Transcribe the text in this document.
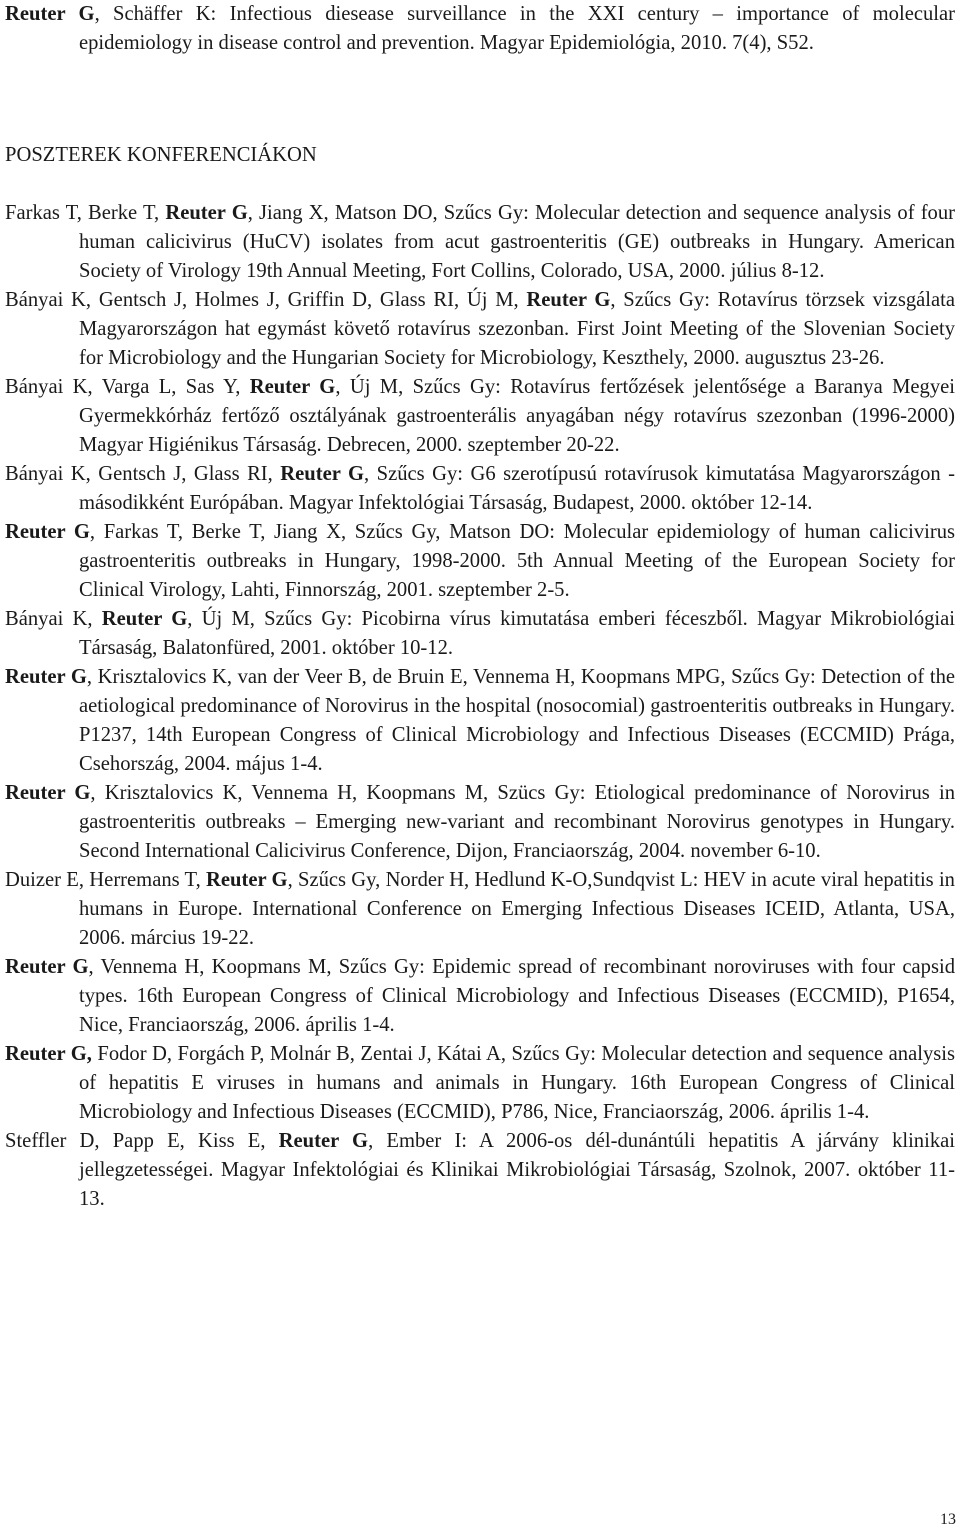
Reuter G, Schäffer K: Infectious diesease surveillance in the XXI century – importance of molecular epidemiology in disease control and prevention. Magyar Epidemiológia, 2010. 7(4), S52.

POSZTEREK KONFERENCIÁKON

Farkas T, Berke T, Reuter G, Jiang X, Matson DO, Szűcs Gy: Molecular detection and sequence analysis of four human calicivirus (HuCV) isolates from acut gastroenteritis (GE) outbreaks in Hungary. American Society of Virology 19th Annual Meeting, Fort Collins, Colorado, USA, 2000. július 8-12.

Bányai K, Gentsch J, Holmes J, Griffin D, Glass RI, Új M, Reuter G, Szűcs Gy: Rotavírus törzsek vizsgálata Magyarországon hat egymást követő rotavírus szezonban. First Joint Meeting of the Slovenian Society for Microbiology and the Hungarian Society for Microbiology, Keszthely, 2000. augusztus 23-26.

Bányai K, Varga L, Sas Y, Reuter G, Új M, Szűcs Gy: Rotavírus fertőzések jelentősége a Baranya Megyei Gyermekkórház fertőző osztályának gastroenterális anyagában négy rotavírus szezonban (1996-2000) Magyar Higiénikus Társaság. Debrecen, 2000. szeptember 20-22.

Bányai K, Gentsch J, Glass RI, Reuter G, Szűcs Gy: G6 szerotípusú rotavírusok kimutatása Magyarországon - másodikként Európában. Magyar Infektológiai Társaság, Budapest, 2000. október 12-14.

Reuter G, Farkas T, Berke T, Jiang X, Szűcs Gy, Matson DO: Molecular epidemiology of human calicivirus gastroenteritis outbreaks in Hungary, 1998-2000. 5th Annual Meeting of the European Society for Clinical Virology, Lahti, Finnország, 2001. szeptember 2-5.

Bányai K, Reuter G, Új M, Szűcs Gy: Picobirna vírus kimutatása emberi féceszből. Magyar Mikrobiológiai Társaság, Balatonfüred, 2001. október 10-12.

Reuter G, Krisztalovics K, van der Veer B, de Bruin E, Vennema H, Koopmans MPG, Szűcs Gy: Detection of the aetiological predominance of Norovirus in the hospital (nosocomial) gastroenteritis outbreaks in Hungary. P1237, 14th European Congress of Clinical Microbiology and Infectious Diseases (ECCMID) Prága, Csehország, 2004. május 1-4.

Reuter G, Krisztalovics K, Vennema H, Koopmans M, Szücs Gy: Etiological predominance of Norovirus in gastroenteritis outbreaks – Emerging new-variant and recombinant Norovirus genotypes in Hungary. Second International Calicivirus Conference, Dijon, Franciaország, 2004. november 6-10.

Duizer E, Herremans T, Reuter G, Szűcs Gy, Norder H, Hedlund K-O,Sundqvist L: HEV in acute viral hepatitis in humans in Europe. International Conference on Emerging Infectious Diseases ICEID, Atlanta, USA, 2006. március 19-22.

Reuter G, Vennema H, Koopmans M, Szűcs Gy: Epidemic spread of recombinant noroviruses with four capsid types. 16th European Congress of Clinical Microbiology and Infectious Diseases (ECCMID), P1654, Nice, Franciaország, 2006. április 1-4.

Reuter G, Fodor D, Forgách P, Molnár B, Zentai J, Kátai A, Szűcs Gy: Molecular detection and sequence analysis of hepatitis E viruses in humans and animals in Hungary. 16th European Congress of Clinical Microbiology and Infectious Diseases (ECCMID), P786, Nice, Franciaország, 2006. április 1-4.

Steffler D, Papp E, Kiss E, Reuter G, Ember I: A 2006-os dél-dunántúli hepatitis A járvány klinikai jellegzetességei. Magyar Infektológiai és Klinikai Mikrobiológiai Társaság, Szolnok, 2007. október 11-13.

13
